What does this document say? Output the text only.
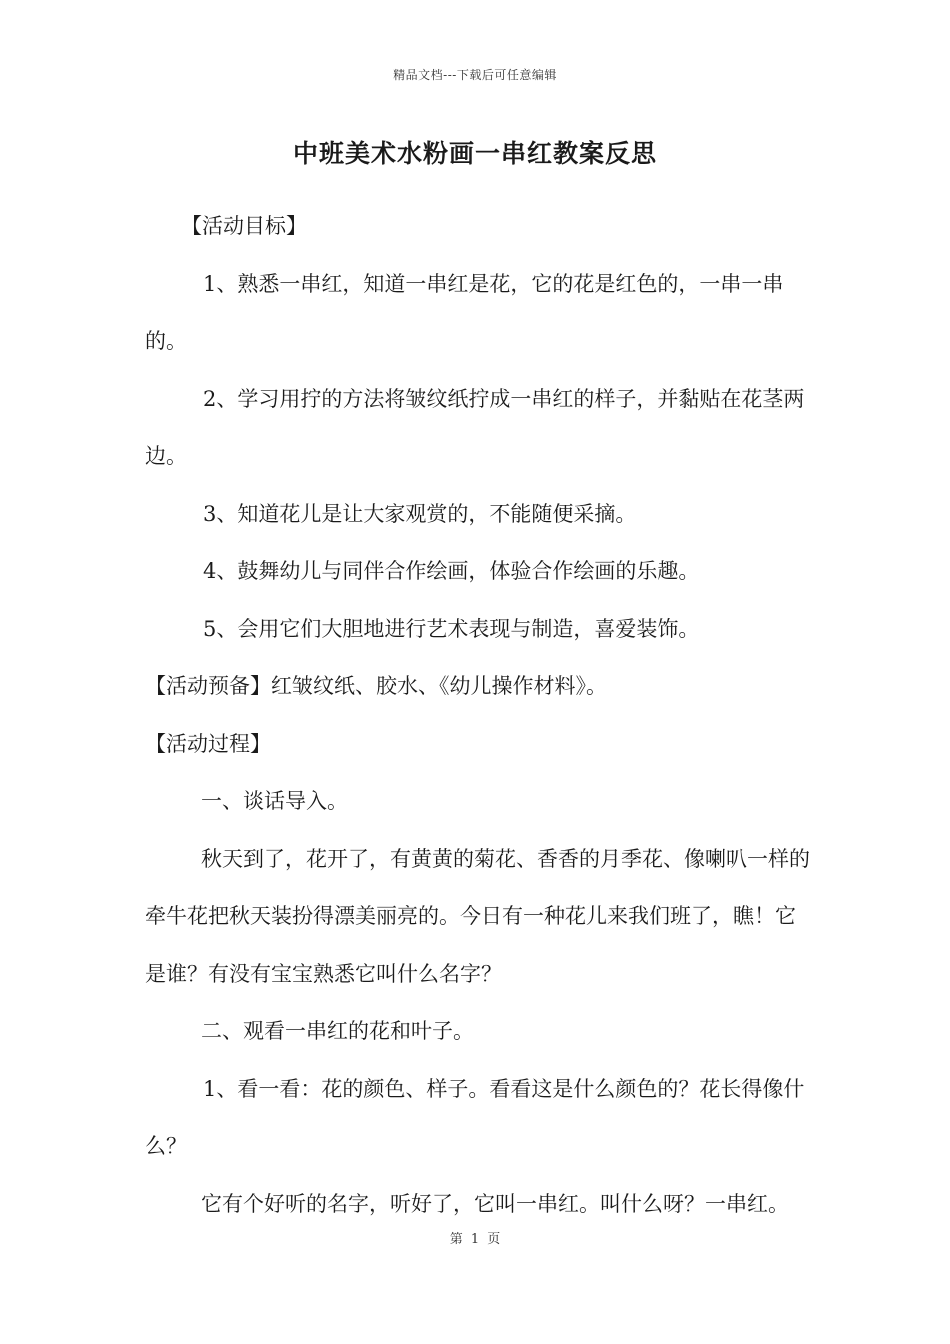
精品文档---下载后可任意编辑
中班美术水粉画一串红教案反思

【活动目标】

1、熟悉一串红，知道一串红是花，它的花是红色的，一串一串的。

2、学习用拧的方法将皱纹纸拧成一串红的样子，并黏贴在花茎两边。

3、知道花儿是让大家观赏的，不能随便采摘。

4、鼓舞幼儿与同伴合作绘画，体验合作绘画的乐趣。

5、会用它们大胆地进行艺术表现与制造，喜爱装饰。

【活动预备】红皱纹纸、胶水、《幼儿操作材料》。

【活动过程】

一、谈话导入。

秋天到了，花开了，有黄黄的菊花、香香的月季花、像喇叭一样的牵牛花把秋天装扮得漂美丽亮的。今日有一种花儿来我们班了，瞧！它是谁？有没有宝宝熟悉它叫什么名字？

二、观看一串红的花和叶子。

1、看一看：花的颜色、样子。看看这是什么颜色的？花长得像什么？

它有个好听的名字，听好了，它叫一串红。叫什么呀？一串红。

第 1 页
